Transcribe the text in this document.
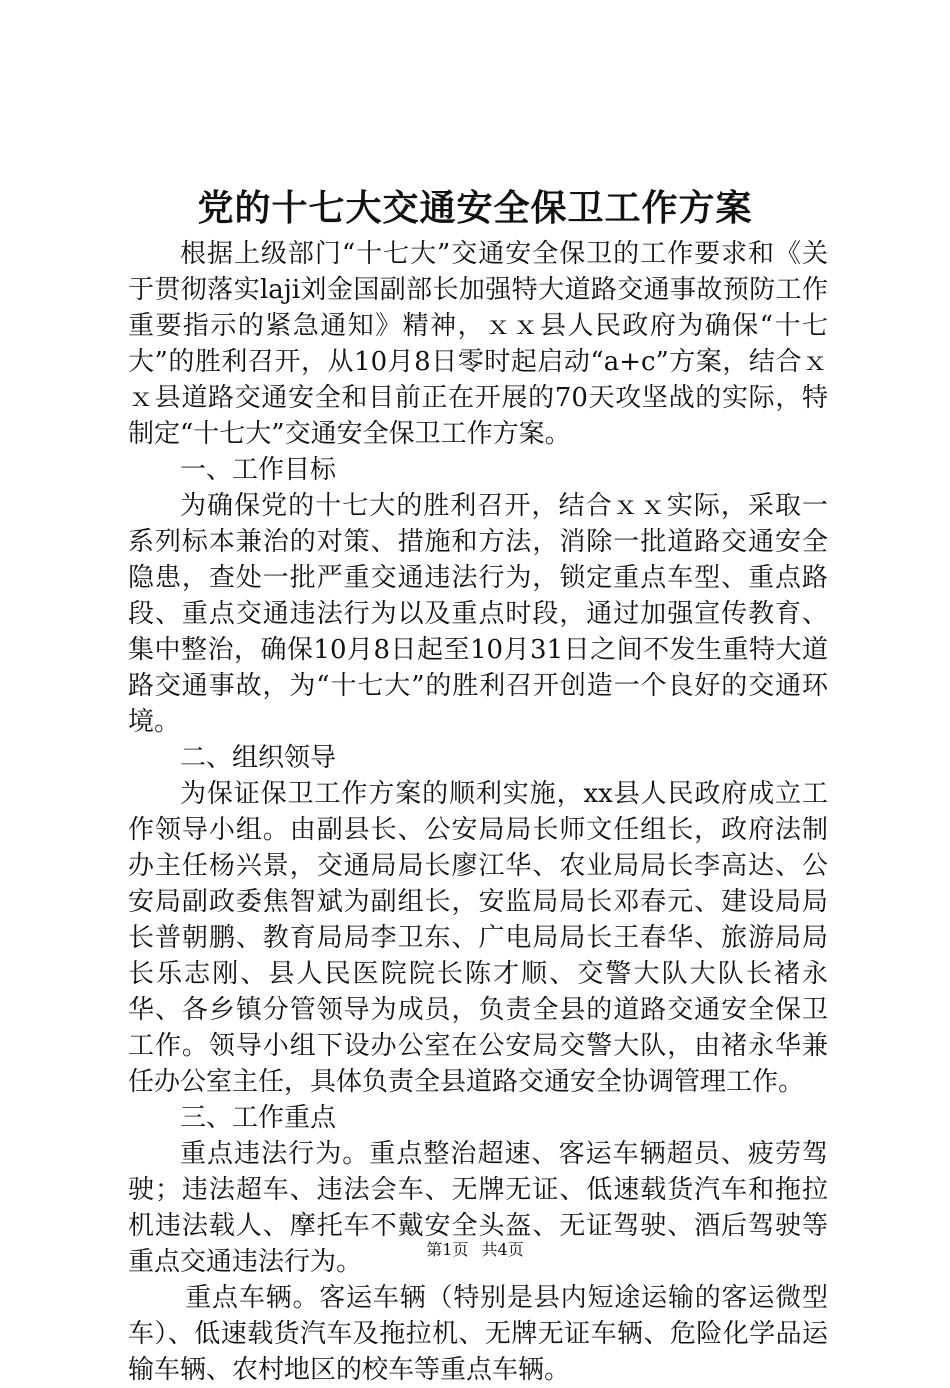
党的十七大交通安全保卫工作方案

根据上级部门“十七大”交通安全保卫的工作要求和《关于贯彻落实laji刘金国副部长加强特大道路交通事故预防工作重要指示的紧急通知》精神，ｘｘ县人民政府为确保“十七大”的胜利召开，从10月8日零时起启动“a+c”方案，结合ｘｘ县道路交通安全和目前正在开展的70天攻坚战的实际，特制定“十七大”交通安全保卫工作方案。

一、工作目标

为确保党的十七大的胜利召开，结合ｘｘ实际，采取一系列标本兼治的对策、措施和方法，消除一批道路交通安全隐患，查处一批严重交通违法行为，锁定重点车型、重点路段、重点交通违法行为以及重点时段，通过加强宣传教育、集中整治，确保10月8日起至10月31日之间不发生重特大道路交通事故，为“十七大”的胜利召开创造一个良好的交通环境。

二、组织领导

为保证保卫工作方案的顺利实施，xx县人民政府成立工作领导小组。由副县长、公安局局长师文任组长，政府法制办主任杨兴景，交通局局长廖江华、农业局局长李高达、公安局副政委焦智斌为副组长，安监局局长邓春元、建设局局长普朝鹏、教育局局李卫东、广电局局长王春华、旅游局局长乐志刚、县人民医院院长陈才顺、交警大队大队长褚永华、各乡镇分管领导为成员，负责全县的道路交通安全保卫工作。领导小组下设办公室在公安局交警大队，由褚永华兼任办公室主任，具体负责全县道路交通安全协调管理工作。

三、工作重点

重点违法行为。重点整治超速、客运车辆超员、疲劳驾驶；违法超车、违法会车、无牌无证、低速载货汽车和拖拉机违法载人、摩托车不戴安全头盔、无证驾驶、酒后驾驶等重点交通违法行为。

重点车辆。客运车辆（特别是县内短途运输的客运微型车）、低速载货汽车及拖拉机、无牌无证车辆、危险化学品运输车辆、农村地区的校车等重点车辆。

第1页 共4页
